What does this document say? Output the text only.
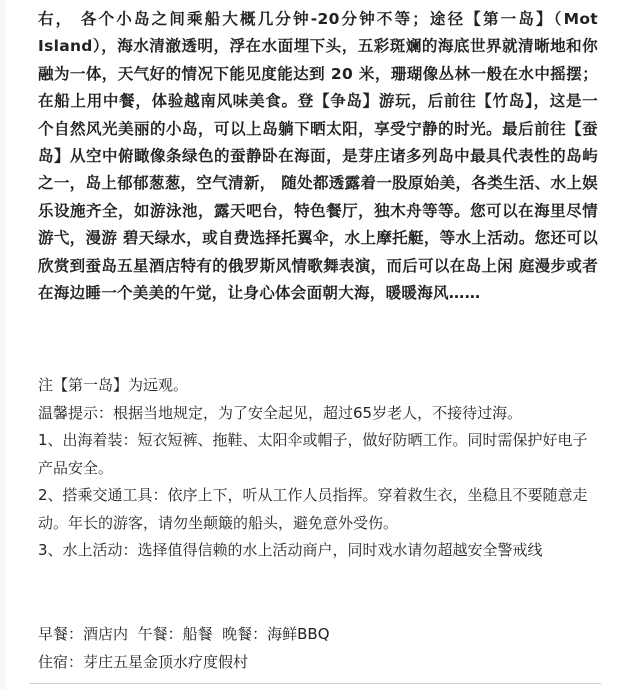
右， 各个小岛之间乘船大概几分钟-20分钟不等；途径【第一岛】（Mot Island），海水清澈透明，浮在水面埋下头，五彩斑斓的海底世界就清晰地和你融为一体，天气好的情况下能见度能达到 20 米，珊瑚像丛林一般在水中摇摆；在船上用中餐，体验越南风味美食。登【争岛】游玩，后前往【竹岛】，这是一个自然风光美丽的小岛，可以上岛躺下晒太阳，享受宁静的时光。最后前往【蚕岛】从空中俯瞰像条绿色的蚕静卧在海面，是芽庄诸多列岛中最具代表性的岛屿之一，岛上郁郁葱葱，空气清新， 随处都透露着一股原始美，各类生活、水上娱乐设施齐全，如游泳池，露天吧台，特色餐厅，独木舟等等。您可以在海里尽情游弋，漫游 碧天绿水，或自费选择托翼伞，水上摩托艇，等水上活动。您还可以欣赏到蚕岛五星酒店特有的俄罗斯风情歌舞表演，而后可以在岛上闲 庭漫步或者在海边睡一个美美的午觉，让身心体会面朝大海，暖暖海风……

注【第一岛】为远观。

温馨提示：根据当地规定，为了安全起见，超过65岁老人，不接待过海。

1、出海着装：短衣短裤、拖鞋、太阳伞或帽子，做好防晒工作。同时需保护好电子产品安全。

2、搭乘交通工具：依序上下，听从工作人员指挥。穿着救生衣，坐稳且不要随意走动。年长的游客，请勿坐颠簸的船头，避免意外受伤。

3、水上活动：选择值得信赖的水上活动商户，同时戏水请勿超越安全警戒线

早餐：酒店内 午餐：船餐 晚餐：海鲜BBQ

住宿：芽庄五星金顶水疗度假村
